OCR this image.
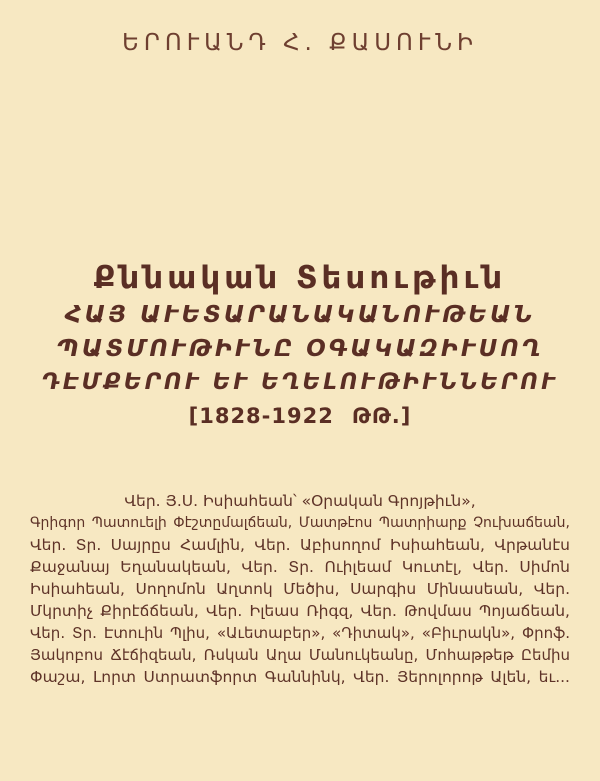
ԵՐՈՒԱՆԴ Հ. ՔԱՍՈՒՆԻ
Քննական Տեսութիւն
ՀԱՅ ԱՒԵՏԱՐԱՆԱԿԱՆՈՒԹԵԱՆ
ՊԱՏՄՈՒԹԻՒՆԸ ՕԳԱԿԱԶԻՒՍՈՂ
ԴԷՄՔԵՐՈՒ ԵՒ ԵՂԵԼՈՒԹԻՒՆՆԵՐՈՒ
[1828-1922 ԹԹ.]
Վեր. Յ.Ս. Իսիահեան՝ «Օրական Գրոյթիւն»,
Գրիգոր Պատուելի Փէշտըմալճեան, Մատթէոս Պատրիարք Չուխաճեան,
Վեր. Տր. Սայրըս Համլին, Վեր. Աբիսողոմ Իսիահեան, Վրթանէս
Քաջանայ Եղանակեան, Վեր. Տր. Ուիլեամ Կուտէլ, Վեր. Սիմոն
Իսիահեան, Սողոմոն Աղտոկ Մեծիս, Սարգիս Մինասեան, Վեր.
Մկրտիչ Քիրէճճեան, Վեր. Իլեաս Ռիգզ, Վեր. Թովմաս Պոյաճեան,
Վեր. Տր. Էտուին Պլիս, «Աւետաբեր», «Դիտակ», «Բիւրակն», Փրոֆ.
Յակոբոս Ճէճիզեան, Ռսկան Աղա Մանուկեանը, Մոհաթթեթ Ըեմիս
Փաշա, Լորտ Ստրատֆորտ Գաննինկ, Վեր. Յերոլորոթ Ալեն, եւ...
